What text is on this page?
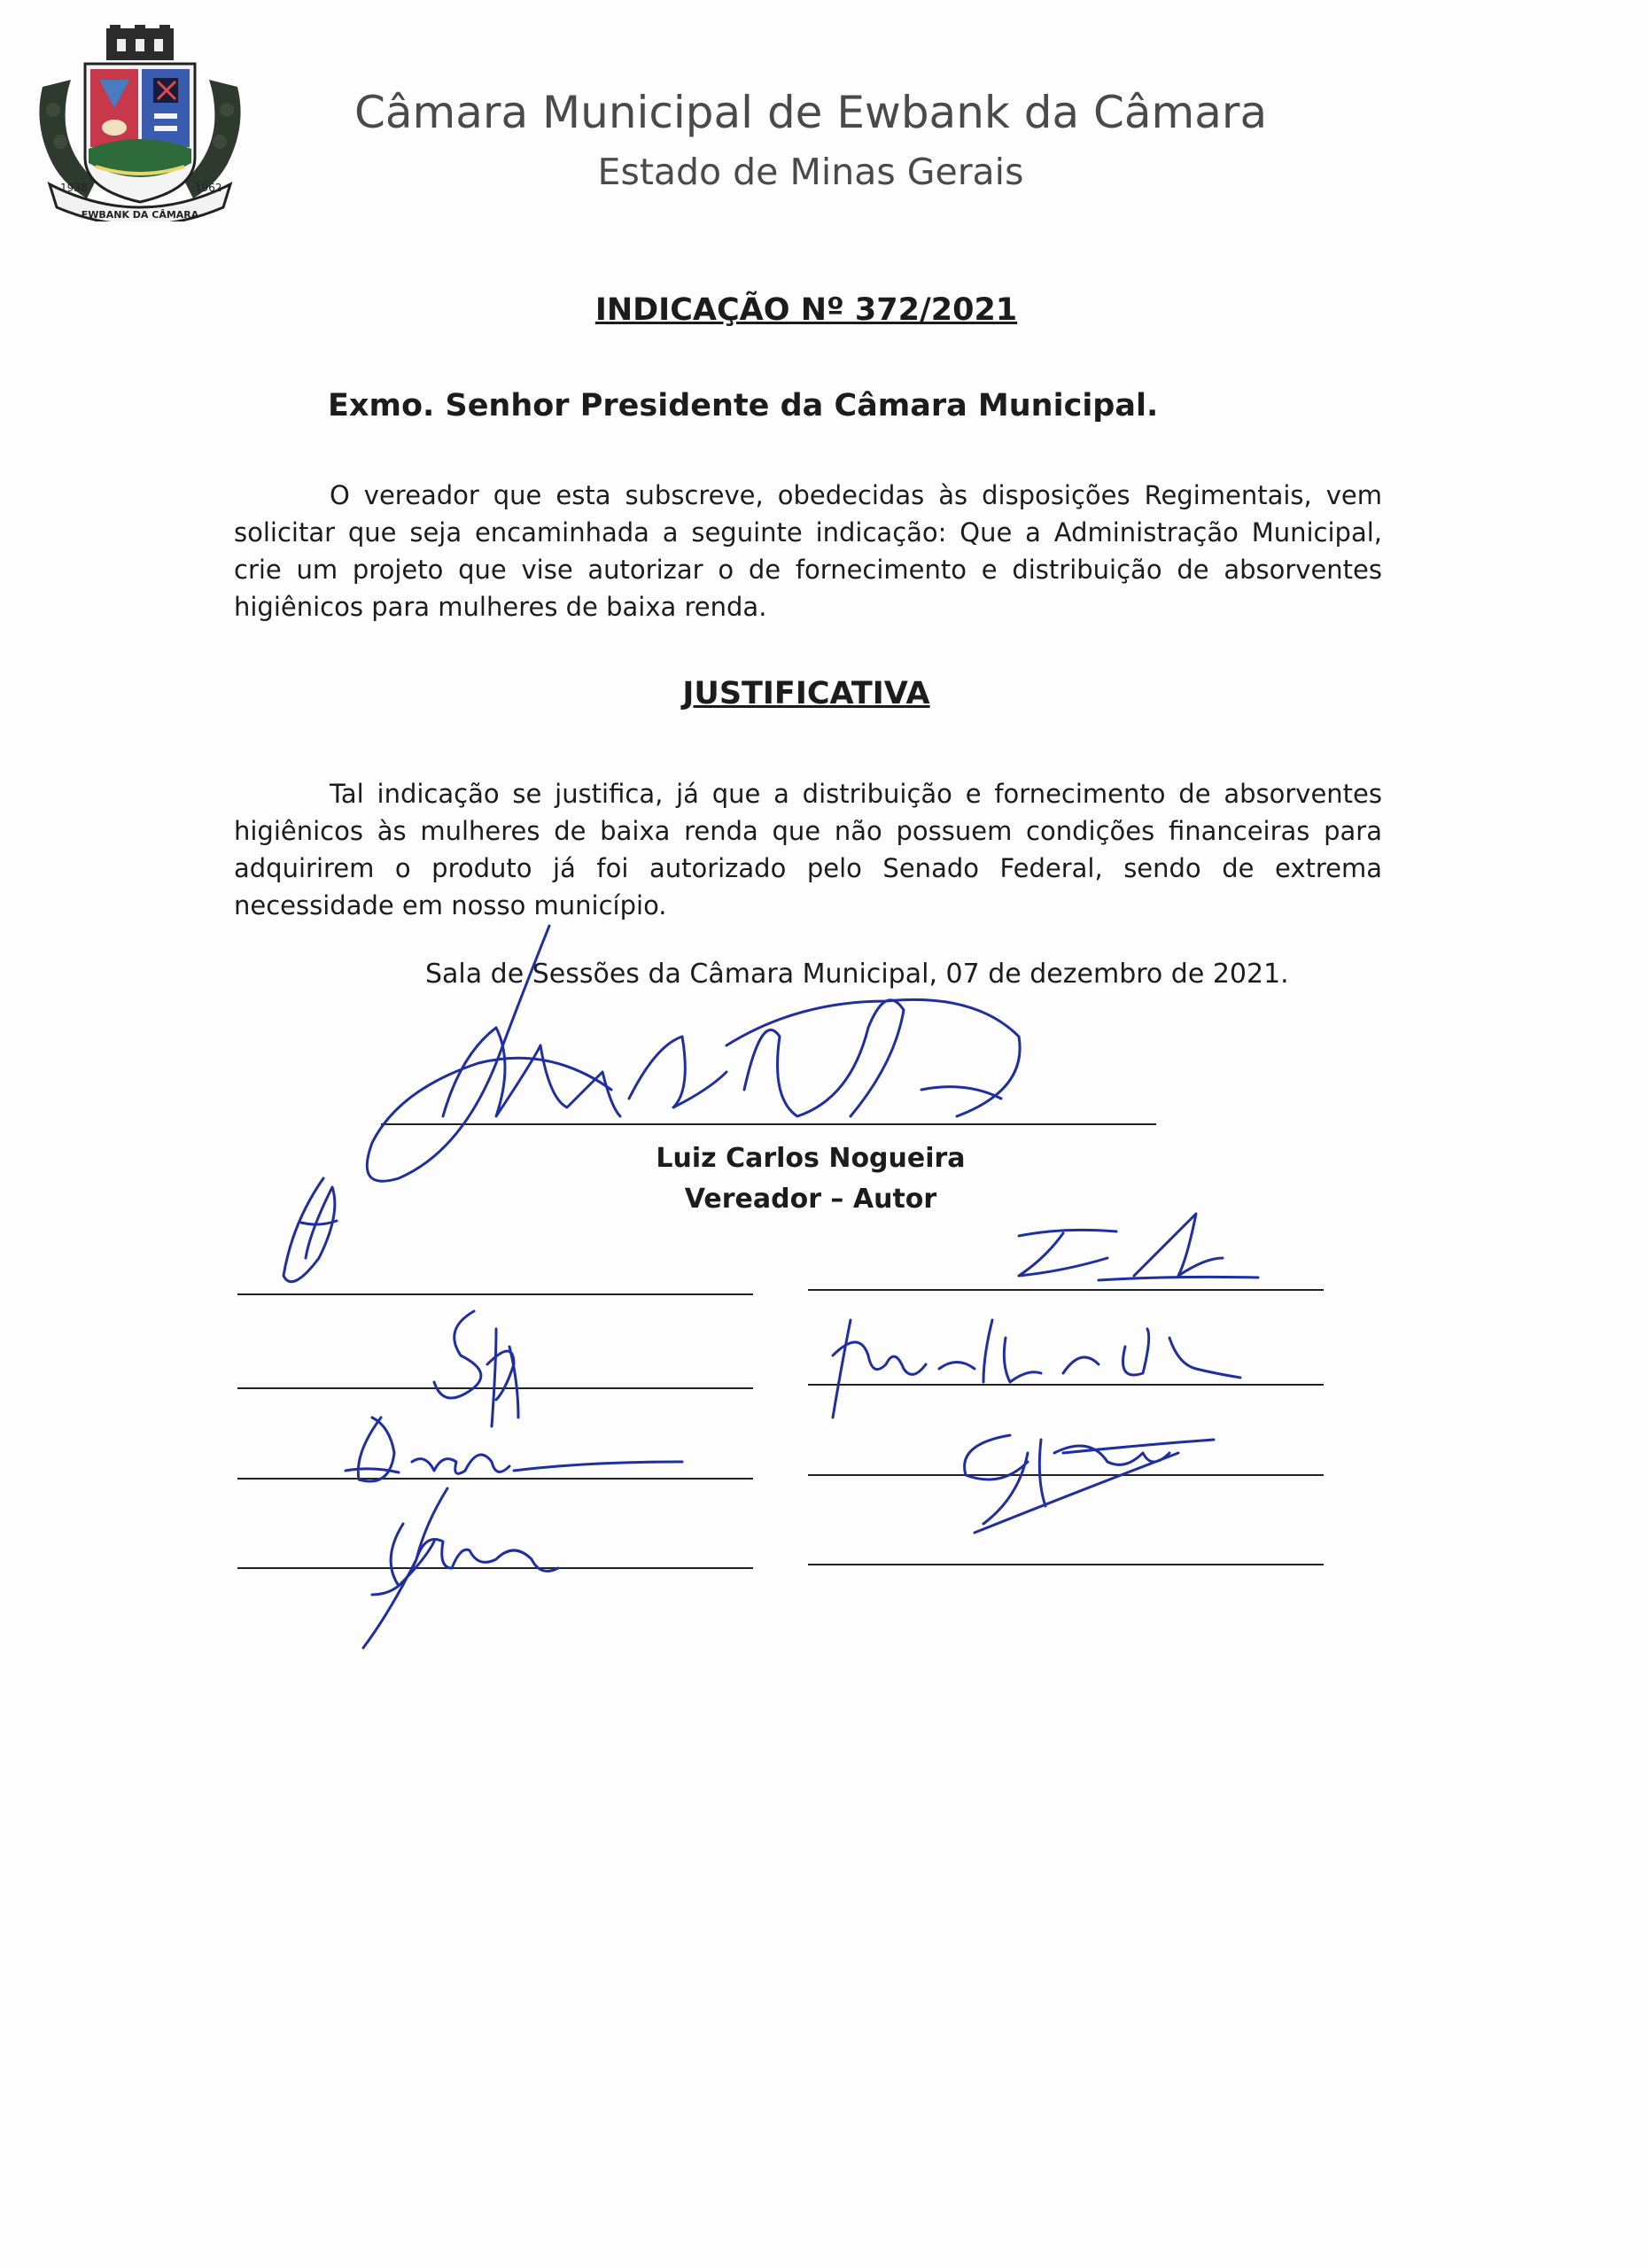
1938	1962
EWBANK DA CÂMARA
Câmara Municipal de Ewbank da Câmara
Estado de Minas Gerais
INDICAÇÃO Nº 372/2021
Exmo. Senhor Presidente da Câmara Municipal.

O vereador que esta subscreve, obedecidas às disposições Regimentais, vem solicitar que seja encaminhada a seguinte indicação: Que a Administração Municipal, crie um projeto que vise autorizar o de fornecimento e distribuição de absorventes higiênicos para mulheres de baixa renda.

JUSTIFICATIVA

Tal indicação se justifica, já que a distribuição e fornecimento de absorventes higiênicos às mulheres de baixa renda que não possuem condições financeiras para adquirirem o produto já foi autorizado pelo Senado Federal, sendo de extrema necessidade em nosso município.

Sala de Sessões da Câmara Municipal, 07 de dezembro de 2021.
Luiz Carlos Nogueira
Vereador – Autor
